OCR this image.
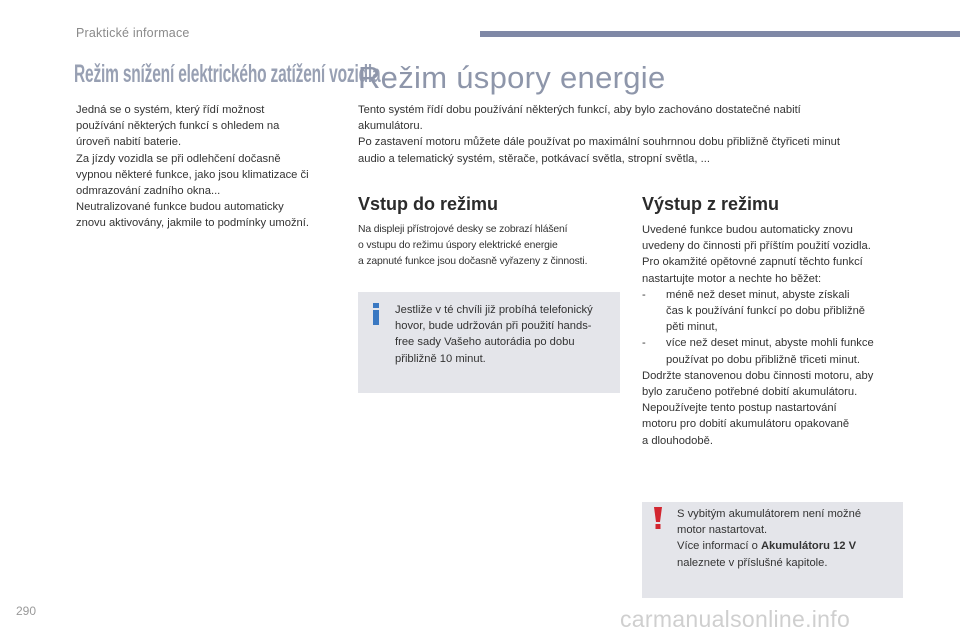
Praktické informace
Režim snížení elektrického zatížení vozidla

Jedná se o systém, který řídí možnost

používání některých funkcí s ohledem na

úroveň nabití baterie.

Za jízdy vozidla se při odlehčení dočasně

vypnou některé funkce, jako jsou klimatizace či

odmrazování zadního okna...

Neutralizované funkce budou automaticky

znovu aktivovány, jakmile to podmínky umožní.

Režim úspory energie

Tento systém řídí dobu používání některých funkcí, aby bylo zachováno dostatečné nabití

akumulátoru.

Po zastavení motoru můžete dále používat po maximální souhrnnou dobu přibližně čtyřiceti minut

audio a telematický systém, stěrače, potkávací světla, stropní světla, ...

Vstup do režimu

Na displeji přístrojové desky se zobrazí hlášení

o vstupu do režimu úspory elektrické energie

a zapnuté funkce jsou dočasně vyřazeny z činnosti.

Jestliže v té chvíli již probíhá telefonický

hovor, bude udržován při použití hands-

free sady Vašeho autorádia po dobu

přibližně 10 minut.

Výstup z režimu

Uvedené funkce budou automaticky znovu

uvedeny do činnosti při příštím použití vozidla.

Pro okamžité opětovné zapnutí těchto funkcí

nastartujte motor a nechte ho běžet:

- méně než deset minut, abyste získali

čas k používání funkcí po dobu přibližně

pěti minut,

- více než deset minut, abyste mohli funkce

používat po dobu přibližně třiceti minut.

Dodržte stanovenou dobu činnosti motoru, aby

bylo zaručeno potřebné dobití akumulátoru.

Nepoužívejte tento postup nastartování

motoru pro dobití akumulátoru opakovaně

a dlouhodobě.

S vybitým akumulátorem není možné

motor nastartovat.

Více informací o Akumulátoru 12 V

naleznete v příslušné kapitole.

290	carmanualsonline.info
